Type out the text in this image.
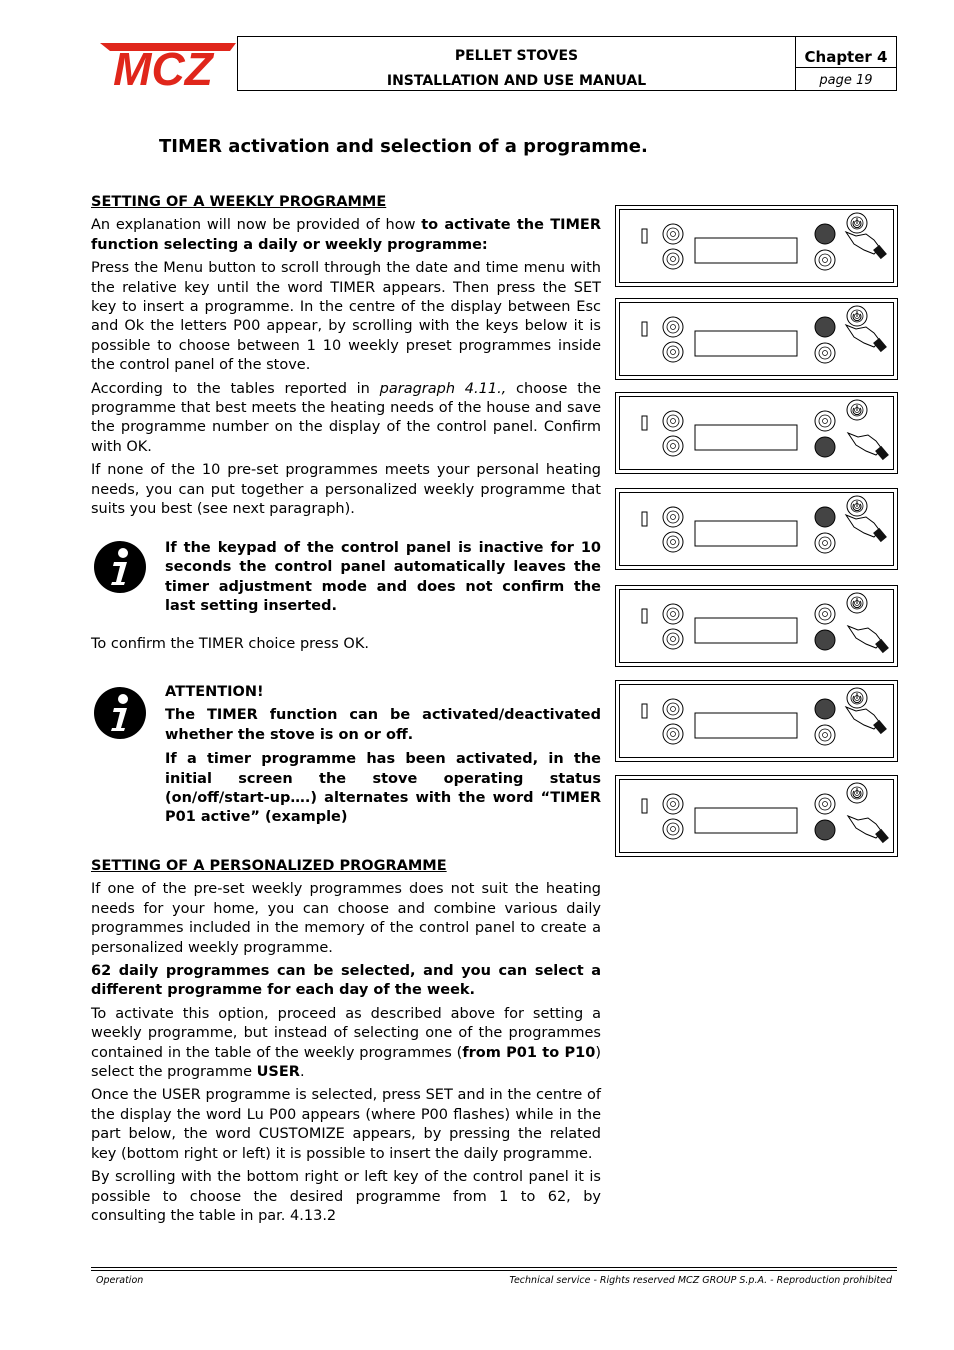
MCZ	PELLET STOVES
INSTALLATION AND USE MANUAL
Chapter 4
page 19
TIMER activation and selection of a programme.

SETTING OF A WEEKLY PROGRAMME

An explanation will now be provided of how to activate the TIMER function selecting a daily or weekly programme:

Press the Menu button to scroll through the date and time menu with the relative key until the word TIMER appears. Then press the SET key to insert a programme. In the centre of the display between Esc and Ok the letters P00 appear, by scrolling with the keys below it is possible to choose between 1 10 weekly preset programmes inside the control panel of the stove.

According to the tables reported in paragraph 4.11., choose the programme that best meets the heating needs of the house and save the programme number on the display of the control panel. Confirm with OK.

If none of the 10 pre-set programmes meets your personal heating needs, you can put together a personalized weekly programme that suits you best (see next paragraph).

If the keypad of the control panel is inactive for 10 seconds the control panel automatically leaves the timer adjustment mode and does not confirm the last setting inserted.

To confirm the TIMER choice press OK.

ATTENTION!

The TIMER function can be activated/deactivated whether the stove is on or off.

If a timer programme has been activated, in the initial screen the stove operating status (on/off/start-up….) alternates with the word “TIMER P01 active” (example)

SETTING OF A PERSONALIZED PROGRAMME

If one of the pre-set weekly programmes does not suit the heating needs for your home, you can choose and combine various daily programmes included in the memory of the control panel to create a personalized weekly programme.

62 daily programmes can be selected, and you can select a different programme for each day of the week.

To activate this option, proceed as described above for setting a weekly programme, but instead of selecting one of the programmes contained in the table of the weekly programmes (from P01 to P10) select the programme USER.

Once the USER programme is selected, press SET and in the centre of the display the word Lu P00 appears (where P00 flashes) while in the part below, the word CUSTOMIZE appears, by pressing the related key (bottom right or left) it is possible to insert the daily programme.

By scrolling with the bottom right or left key of the control panel it is possible to choose the desired programme from 1 to 62, by consulting the table in par. 4.13.2

Operation	Technical service - Rights reserved MCZ GROUP S.p.A. - Reproduction prohibited
